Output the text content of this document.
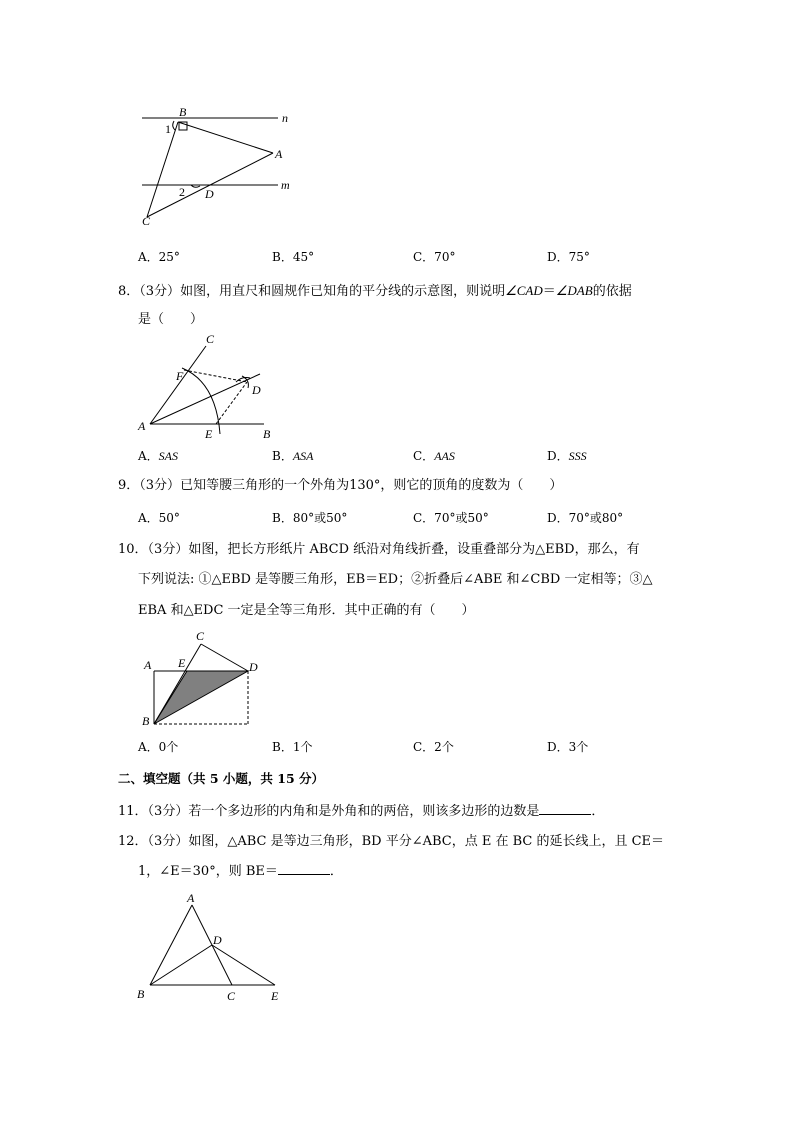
B	n
1
A
2 D
m
C
A．25°	B．45°	C．70°	D．75°
8．（3分）如图，用直尺和圆规作已知角的平分线的示意图，则说明∠CAD＝∠DAB的依据
是（　　）
C
F
D
A
E	B
A．SAS	B．ASA	C．AAS	D．SSS
9．（3分）已知等腰三角形的一个外角为130°，则它的顶角的度数为（　　）
A．50°	B．80°或50°	C．70°或50°	D．70°或80°
10．（3分）如图，把长方形纸片 ABCD 纸沿对角线折叠，设重叠部分为△EBD，那么，有
下列说法: ①△EBD 是等腰三角形，EB＝ED；②折叠后∠ABE 和∠CBD 一定相等；③△
EBA 和△EDC 一定是全等三角形．其中正确的有（　　）
C
A E	D
B
A．0个	B．1个	C．2个	D．3个
二、填空题（共 5 小题，共 15 分）
11．（3分）若一个多边形的内角和是外角和的两倍，则该多边形的边数是	．
12．（3分）如图，△ABC 是等边三角形，BD 平分∠ABC，点 E 在 BC 的延长线上，且 CE＝
1，∠E＝30°，则 BE＝	．
A
D
B	C	E
